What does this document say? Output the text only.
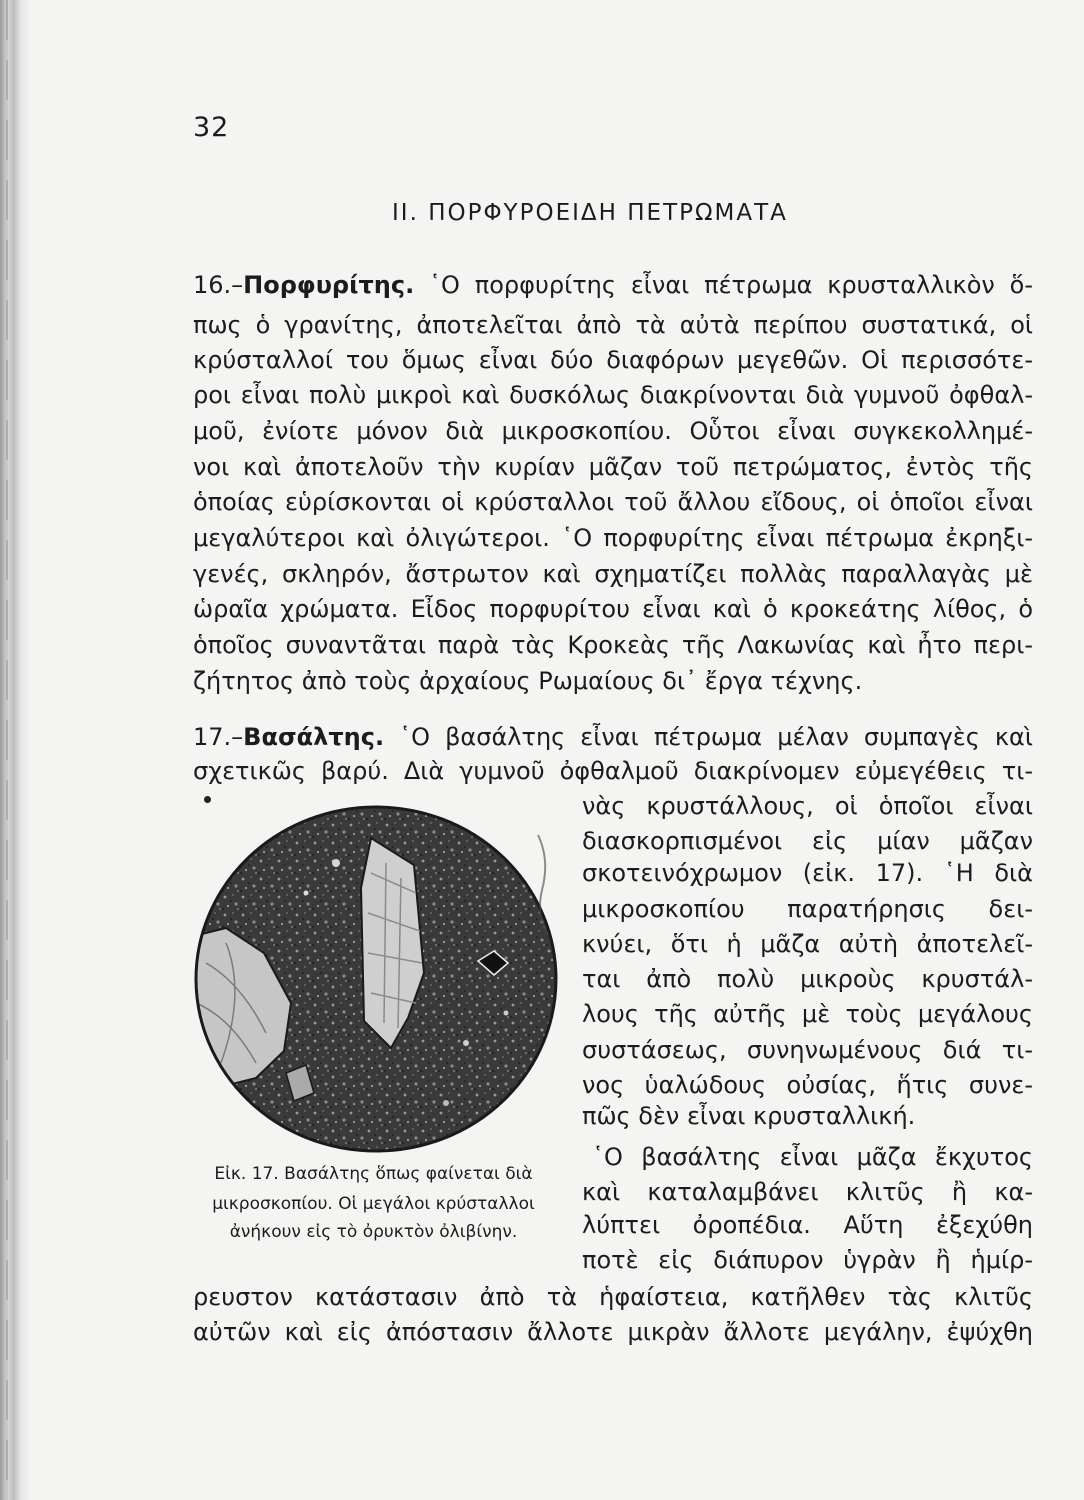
32
II. ΠΟΡΦΥΡΟΕΙΔΗ ΠΕΤΡΩΜΑΤΑ
16.–Πορφυρίτης. ῾Ο πορφυρίτης εἶναι πέτρωμα κρυσταλλικὸν ὅ-
πως ὁ γρανίτης, ἀποτελεῖται ἀπὸ τὰ αὐτὰ περίπου συστατικά, οἱ
κρύσταλλοί του ὅμως εἶναι δύο διαφόρων μεγεθῶν. Οἱ περισσότε-
ροι εἶναι πολὺ μικροὶ καὶ δυσκόλως διακρίνονται διὰ γυμνοῦ ὀφθαλ-
μοῦ, ἐνίοτε μόνον διὰ μικροσκοπίου. Οὗτοι εἶναι συγκεκολλημέ-
νοι καὶ ἀποτελοῦν τὴν κυρίαν μᾶζαν τοῦ πετρώματος, ἐντὸς τῆς
ὁποίας εὑρίσκονται οἱ κρύσταλλοι τοῦ ἄλλου εἴδους, οἱ ὁποῖοι εἶναι
μεγαλύτεροι καὶ ὀλιγώτεροι. ῾Ο πορφυρίτης εἶναι πέτρωμα ἐκρηξι-
γενές, σκληρόν, ἄστρωτον καὶ σχηματίζει πολλὰς παραλλαγὰς μὲ
ὡραῖα χρώματα. Εἶδος πορφυρίτου εἶναι καὶ ὁ κροκεάτης λίθος, ὁ
ὁποῖος συναντᾶται παρὰ τὰς Κροκεὰς τῆς Λακωνίας καὶ ἦτο περι-
ζήτητος ἀπὸ τοὺς ἀρχαίους Ρωμαίους δι᾿ ἔργα τέχνης.
17.–Βασάλτης. ῾Ο βασάλτης εἶναι πέτρωμα μέλαν συμπαγὲς καὶ
σχετικῶς βαρύ. Διὰ γυμνοῦ ὀφθαλμοῦ διακρίνομεν εὐμεγέθεις τι-
νὰς κρυστάλλους, οἱ ὁποῖοι εἶναι
διασκορπισμένοι εἰς μίαν μᾶζαν
σκοτεινόχρωμον (εἰκ. 17). ῾Η διὰ
μικροσκοπίου παρατήρησις δει-
κνύει, ὅτι ἡ μᾶζα αὐτὴ ἀποτελεῖ-
ται ἀπὸ πολὺ μικροὺς κρυστάλ-
λους τῆς αὐτῆς μὲ τοὺς μεγάλους
συστάσεως, συνηνωμένους διά τι-
νος ὑαλώδους οὐσίας, ἥτις συνε-
πῶς δὲν εἶναι κρυσταλλική.
῾Ο βασάλτης εἶναι μᾶζα ἔκχυτος
καὶ καταλαμβάνει κλιτῦς ἢ κα-
λύπτει ὀροπέδια. Αὕτη ἐξεχύθη
ποτὲ εἰς διάπυρον ὑγρὰν ἢ ἡμίρ-
ρευστον κατάστασιν ἀπὸ τὰ ἡφαίστεια, κατῆλθεν τὰς κλιτῦς
αὐτῶν καὶ εἰς ἀπόστασιν ἄλλοτε μικρὰν ἄλλοτε μεγάλην, ἐψύχθη
Εἰκ. 17. Βασάλτης ὅπως φαίνεται διὰ
μικροσκοπίου. Οἱ μεγάλοι κρύσταλλοι
ἀνήκουν εἰς τὸ ὀρυκτὸν ὀλιβίνην.
